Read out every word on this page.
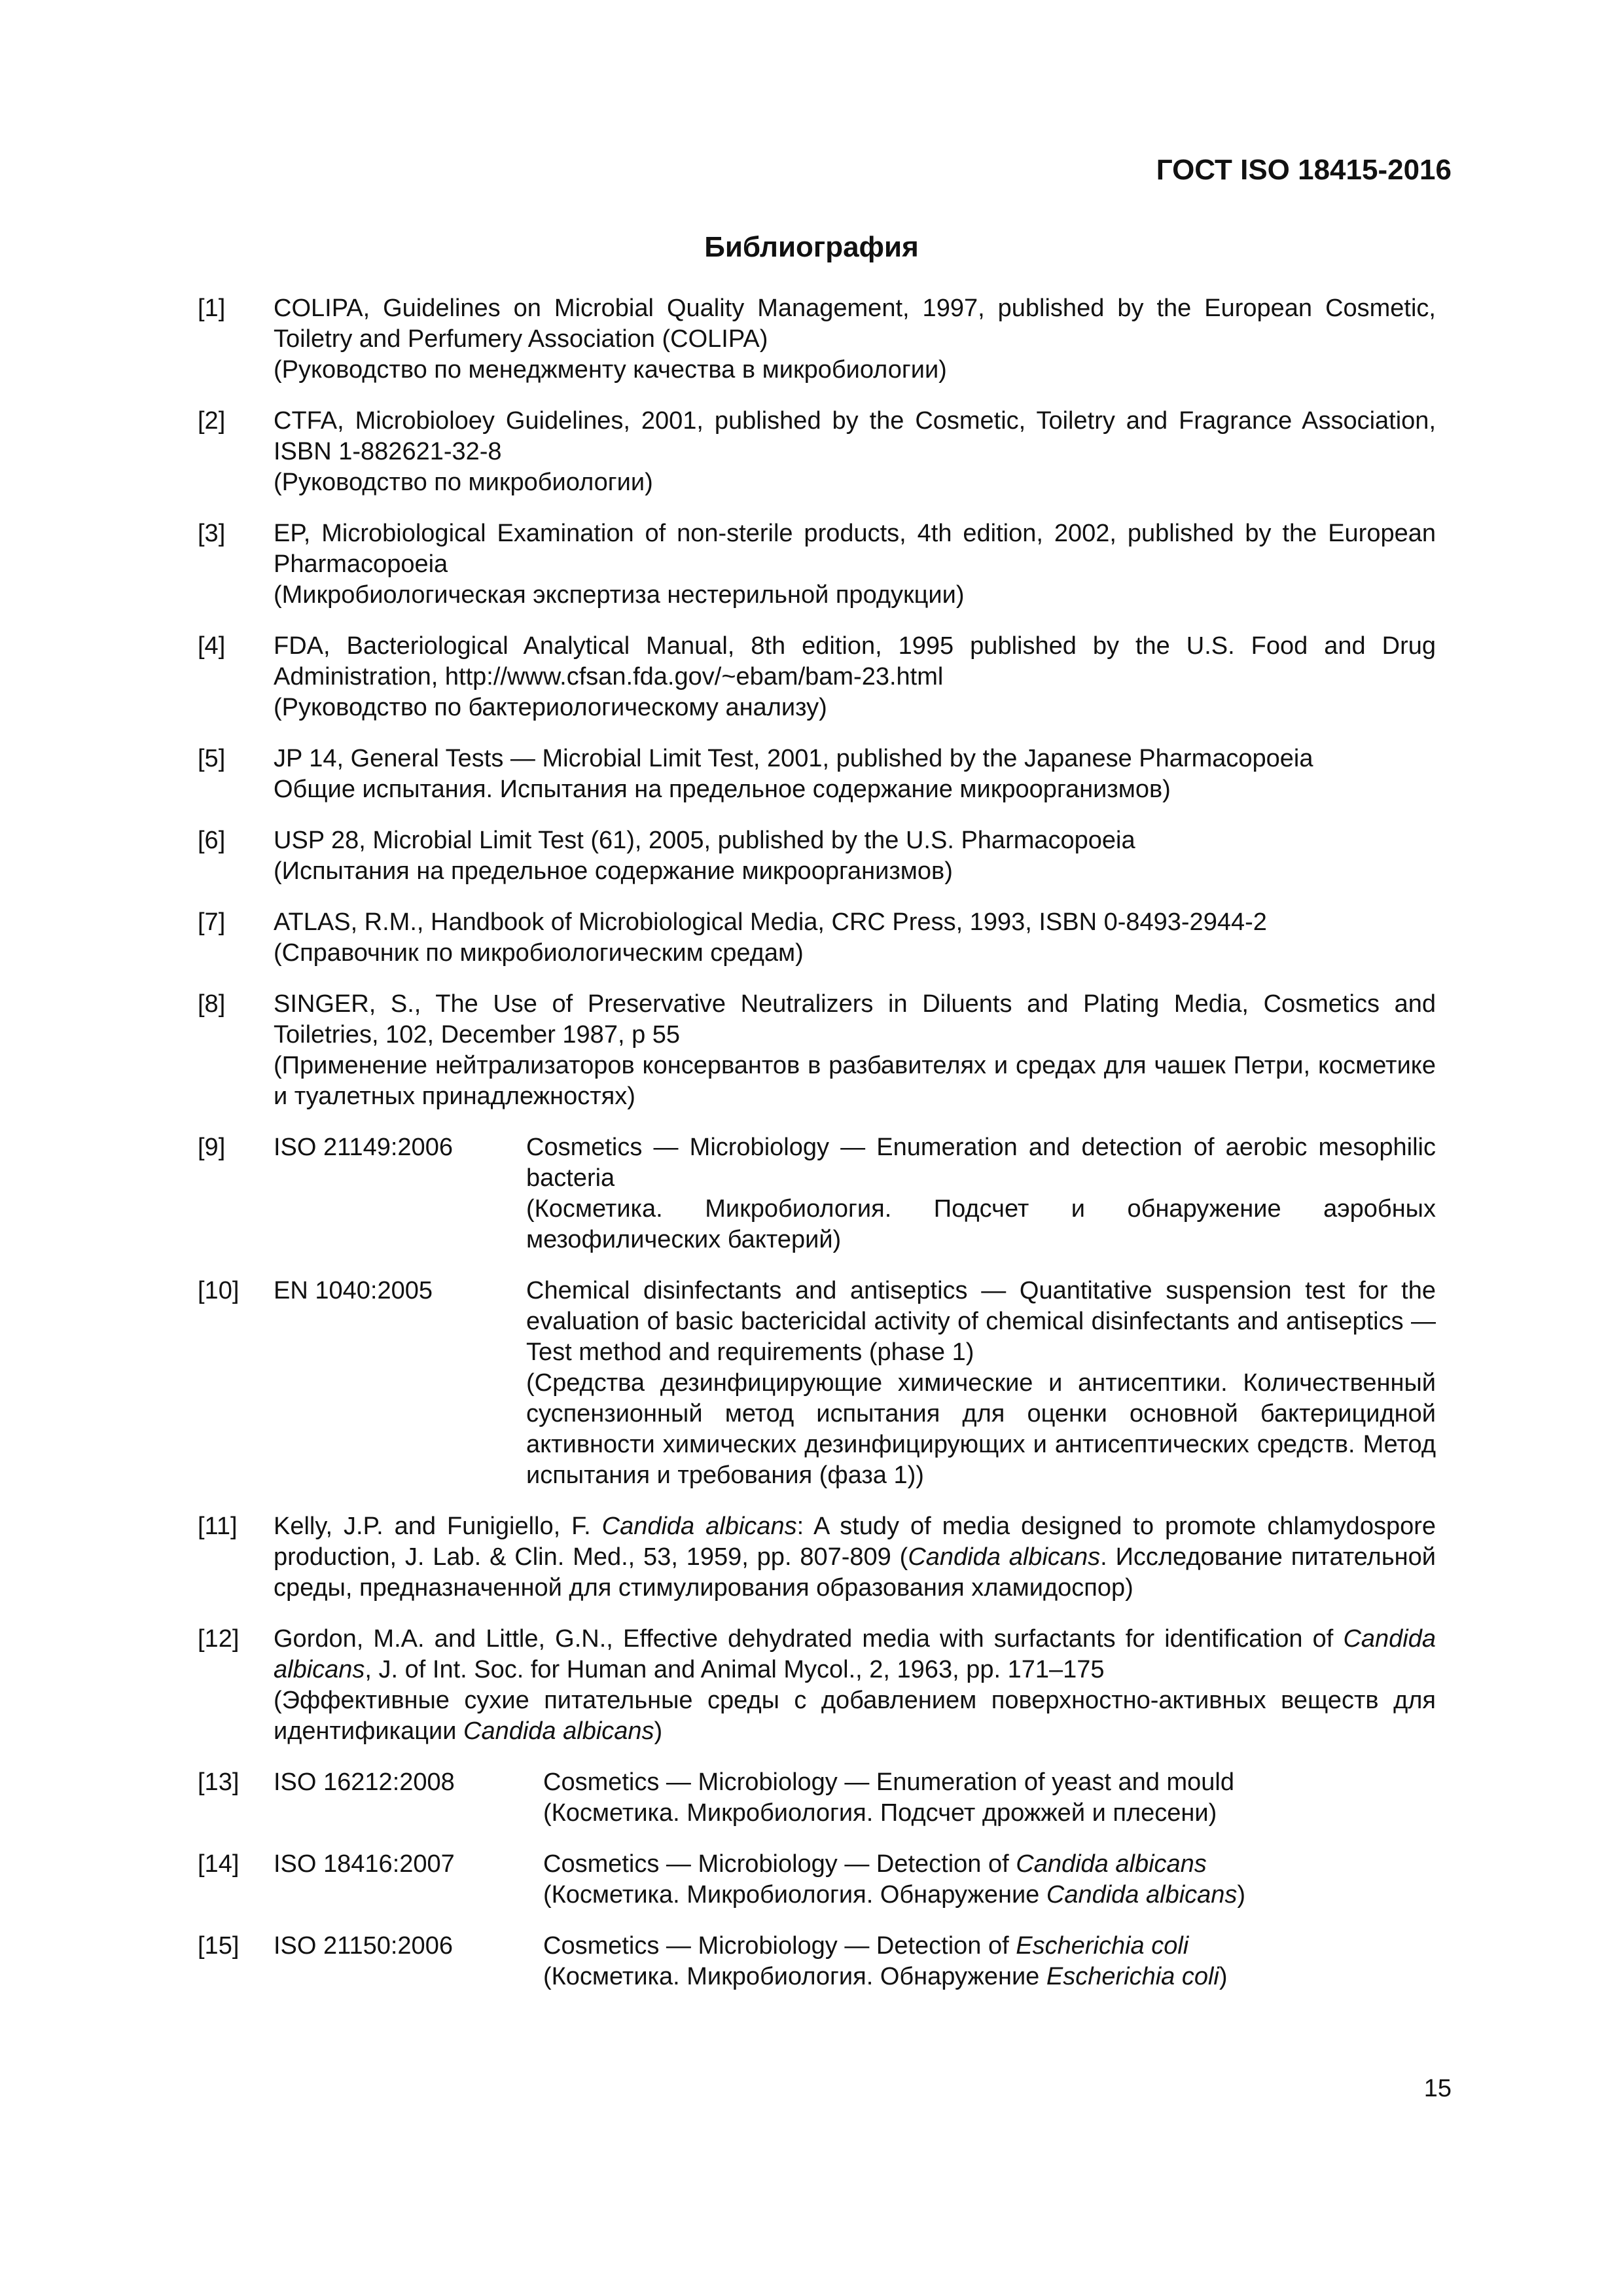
ГОСТ ISO 18415-2016
Библиография
[1] COLIPA, Guidelines on Microbial Quality Management, 1997, published by the European Cosmetic, Toiletry and Perfumery Association (COLIPA)

(Руководство по менеджменту качества в микробиологии)

[2] CTFA, Microbioloey Guidelines, 2001, published by the Cosmetic, Toiletry and Fragrance Association, ISBN 1-882621-32-8

(Руководство по микробиологии)

[3] EP, Microbiological Examination of non-sterile products, 4th edition, 2002, published by the European Pharmacopoeia

(Микробиологическая экспертиза нестерильной продукции)

[4] FDA, Bacteriological Analytical Manual, 8th edition, 1995 published by the U.S. Food and Drug Administration, http://www.cfsan.fda.gov/~ebam/bam-23.html

(Руководство по бактериологическому анализу)

[5] JP 14, General Tests — Microbial Limit Test, 2001, published by the Japanese Pharmacopoeia

Общие испытания. Испытания на предельное содержание микроорганизмов)

[6] USP 28, Microbial Limit Test (61), 2005, published by the U.S. Pharmacopoeia

(Испытания на предельное содержание микроорганизмов)

[7] ATLAS, R.M., Handbook of Microbiological Media, CRC Press, 1993, ISBN 0-8493-2944-2

(Справочник по микробиологическим средам)

[8] SINGER, S., The Use of Preservative Neutralizers in Diluents and Plating Media, Cosmetics and Toiletries, 102, December 1987, p 55

(Применение нейтрализаторов консервантов в разбавителях и средах для чашек Петри, косметике и туалетных принадлежностях)

[9] ISO 21149:2006	Cosmetics — Microbiology — Enumeration and detection of aerobic mesophilic bacteria

(Косметика. Микробиология. Подсчет и обнаружение аэробных мезофилических бактерий)

[10] EN 1040:2005	Chemical disinfectants and antiseptics — Quantitative suspension test for the evaluation of basic bactericidal activity of chemical disinfectants and antiseptics — Test method and requirements (phase 1)

(Средства дезинфицирующие химические и антисептики. Количественный суспензионный метод испытания для оценки основной бактерицидной активности химических дезинфицирующих и антисептических средств. Метод испытания и требования (фаза 1))

[11] Kelly, J.P. and Funigiello, F. Candida albicans: A study of media designed to promote chlamydospore production, J. Lab. & Clin. Med., 53, 1959, pp. 807-809 (Candida albicans. Исследование питательной среды, предназначенной для стимулирования образования хламидоспор)

[12] Gordon, M.A. and Little, G.N., Effective dehydrated media with surfactants for identification of Candida albicans, J. of Int. Soc. for Human and Animal Mycol., 2, 1963, pp. 171–175

(Эффективные сухие питательные среды с добавлением поверхностно-активных веществ для идентификации Candida albicans)

[13] ISO 16212:2008	Cosmetics — Microbiology — Enumeration of yeast and mould

(Косметика. Микробиология. Подсчет дрожжей и плесени)

[14] ISO 18416:2007	Cosmetics — Microbiology — Detection of Candida albicans

(Косметика. Микробиология. Обнаружение Candida albicans)

[15] ISO 21150:2006	Cosmetics — Microbiology — Detection of Escherichia coli

(Косметика. Микробиология. Обнаружение Escherichia coli)

15
